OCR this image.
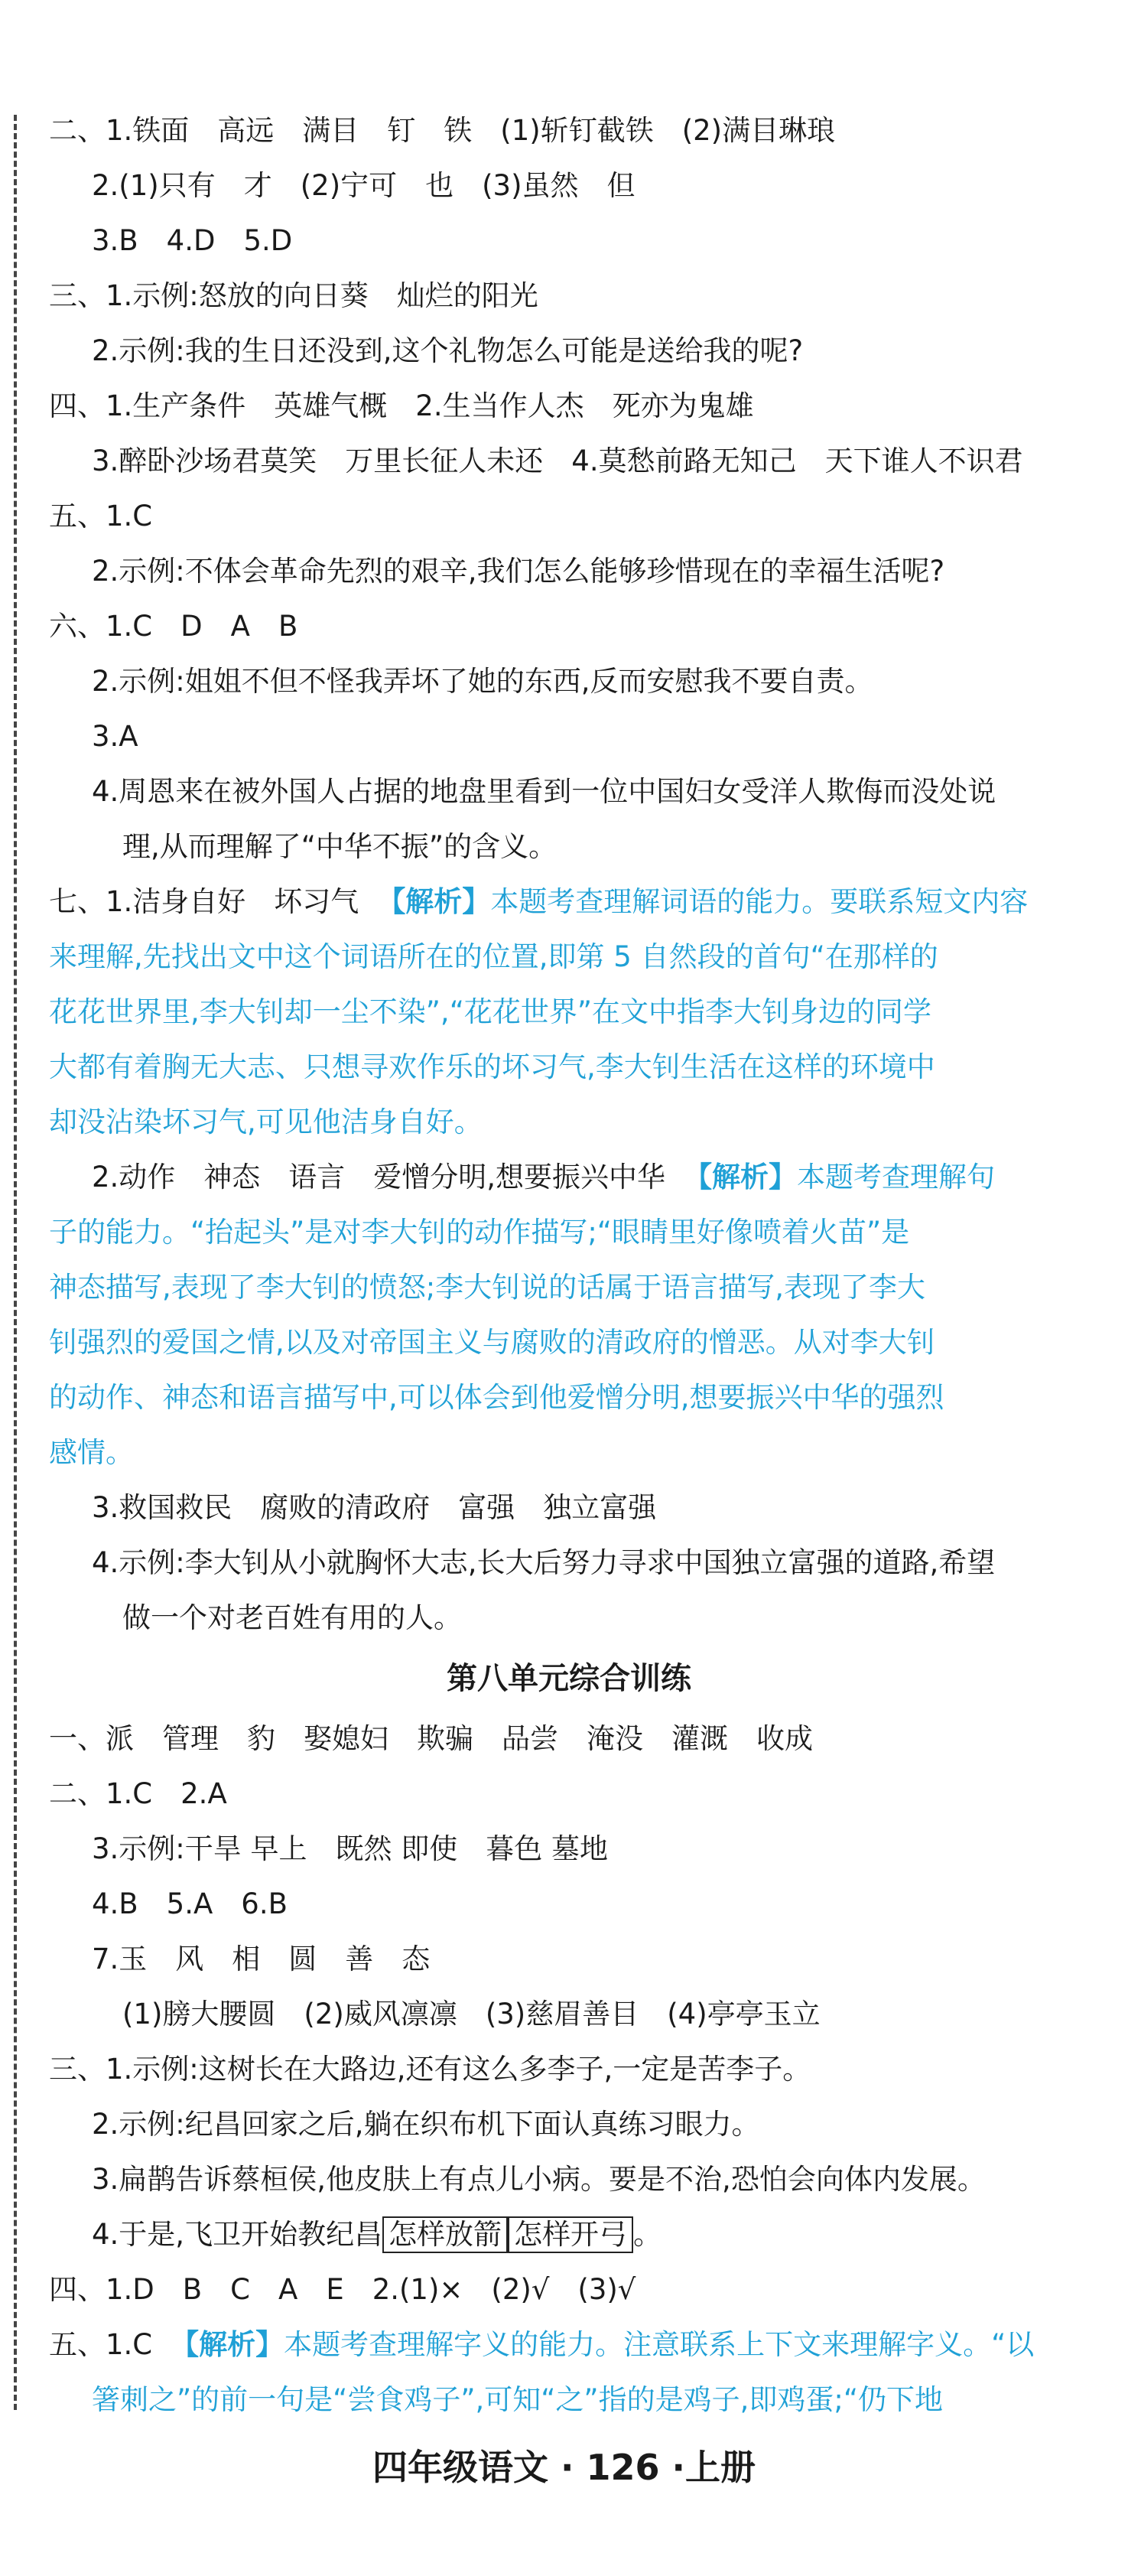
二、1.铁面　高远　满目　钉　铁　(1)斩钉截铁　(2)满目琳琅
2.(1)只有　才　(2)宁可　也　(3)虽然　但
3.B　4.D　5.D
三、1.示例:怒放的向日葵　灿烂的阳光
2.示例:我的生日还没到,这个礼物怎么可能是送给我的呢?
四、1.生产条件　英雄气概　2.生当作人杰　死亦为鬼雄
3.醉卧沙场君莫笑　万里长征人未还　4.莫愁前路无知己　天下谁人不识君
五、1.C
2.示例:不体会革命先烈的艰辛,我们怎么能够珍惜现在的幸福生活呢?
六、1.C　D　A　B
2.示例:姐姐不但不怪我弄坏了她的东西,反而安慰我不要自责。
3.A
4.周恩来在被外国人占据的地盘里看到一位中国妇女受洋人欺侮而没处说
理,从而理解了“中华不振”的含义。
七、1.洁身自好　坏习气 【解析】本题考查理解词语的能力。要联系短文内容
来理解,先找出文中这个词语所在的位置,即第 5 自然段的首句“在那样的
花花世界里,李大钊却一尘不染”,“花花世界”在文中指李大钊身边的同学
大都有着胸无大志、只想寻欢作乐的坏习气,李大钊生活在这样的环境中
却没沾染坏习气,可见他洁身自好。
2.动作　神态　语言　爱憎分明,想要振兴中华 【解析】本题考查理解句
子的能力。“抬起头”是对李大钊的动作描写;“眼睛里好像喷着火苗”是
神态描写,表现了李大钊的愤怒;李大钊说的话属于语言描写,表现了李大
钊强烈的爱国之情,以及对帝国主义与腐败的清政府的憎恶。从对李大钊
的动作、神态和语言描写中,可以体会到他爱憎分明,想要振兴中华的强烈
感情。
3.救国救民　腐败的清政府　富强　独立富强
4.示例:李大钊从小就胸怀大志,长大后努力寻求中国独立富强的道路,希望
做一个对老百姓有用的人。
第八单元综合训练
一、派　管理　豹　娶媳妇　欺骗　品尝　淹没　灌溉　收成
二、1.C　2.A
3.示例:干旱 早上　既然 即使　暮色 墓地
4.B　5.A　6.B
7.玉　风　相　圆　善　态
(1)膀大腰圆　(2)威风凛凛　(3)慈眉善目　(4)亭亭玉立
三、1.示例:这树长在大路边,还有这么多李子,一定是苦李子。
2.示例:纪昌回家之后,躺在织布机下面认真练习眼力。
3.扁鹊告诉蔡桓侯,他皮肤上有点儿小病。要是不治,恐怕会向体内发展。
4.于是,飞卫开始教纪昌 怎样放箭 怎样开弓 。
四、1.D　B　C　A　E　2.(1)×　(2)√　(3)√
五、1.C 【解析】本题考查理解字义的能力。注意联系上下文来理解字义。“以
箸刺之”的前一句是“尝食鸡子”,可知“之”指的是鸡子,即鸡蛋;“仍下地
四年级语文 · 126 ·上册
